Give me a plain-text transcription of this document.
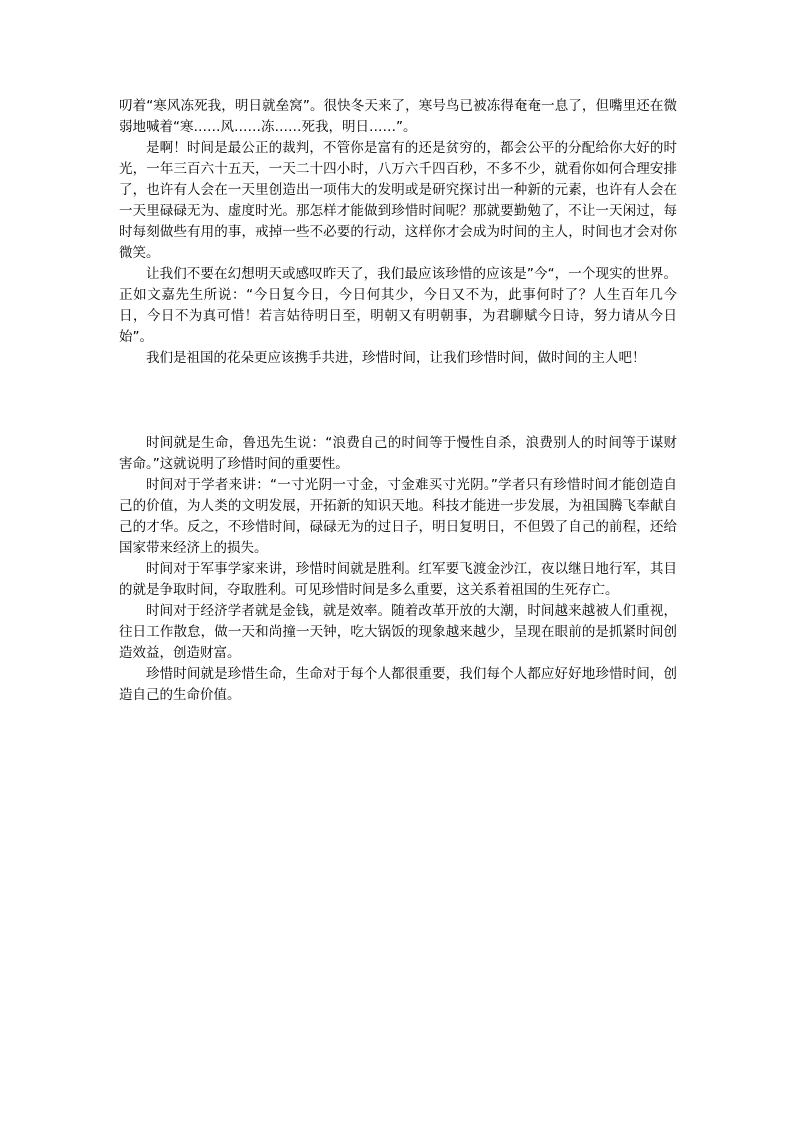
叨着“寒风冻死我，明日就垒窝”。很快冬天来了，寒号鸟已被冻得奄奄一息了，但嘴里还在微弱地喊着“寒……风……冻……死我，明日……”。

是啊！时间是最公正的裁判，不管你是富有的还是贫穷的，都会公平的分配给你大好的时光，一年三百六十五天，一天二十四小时，八万六千四百秒，不多不少，就看你如何合理安排了，也许有人会在一天里创造出一项伟大的发明或是研究探讨出一种新的元素，也许有人会在一天里碌碌无为、虚度时光。那怎样才能做到珍惜时间呢？那就要勤勉了，不让一天闲过，每时每刻做些有用的事，戒掉一些不必要的行动，这样你才会成为时间的主人，时间也才会对你微笑。

让我们不要在幻想明天或感叹昨天了，我们最应该珍惜的应该是”今“，一个现实的世界。正如文嘉先生所说：“今日复今日，今日何其少，今日又不为，此事何时了？人生百年几今日，今日不为真可惜！若言姑待明日至，明朝又有明朝事，为君聊赋今日诗，努力请从今日始”。

我们是祖国的花朵更应该携手共进，珍惜时间，让我们珍惜时间，做时间的主人吧！

时间就是生命，鲁迅先生说：“浪费自己的时间等于慢性自杀，浪费别人的时间等于谋财害命。”这就说明了珍惜时间的重要性。

时间对于学者来讲：“一寸光阴一寸金，寸金难买寸光阴。”学者只有珍惜时间才能创造自己的价值，为人类的文明发展，开拓新的知识天地。科技才能进一步发展，为祖国腾飞奉献自己的才华。反之，不珍惜时间，碌碌无为的过日子，明日复明日，不但毁了自己的前程，还给国家带来经济上的损失。

时间对于军事学家来讲，珍惜时间就是胜利。红军要飞渡金沙江，夜以继日地行军，其目的就是争取时间，夺取胜利。可见珍惜时间是多么重要，这关系着祖国的生死存亡。

时间对于经济学者就是金钱，就是效率。随着改革开放的大潮，时间越来越被人们重视，往日工作散怠，做一天和尚撞一天钟，吃大锅饭的现象越来越少，呈现在眼前的是抓紧时间创造效益，创造财富。

珍惜时间就是珍惜生命，生命对于每个人都很重要，我们每个人都应好好地珍惜时间，创造自己的生命价值。
